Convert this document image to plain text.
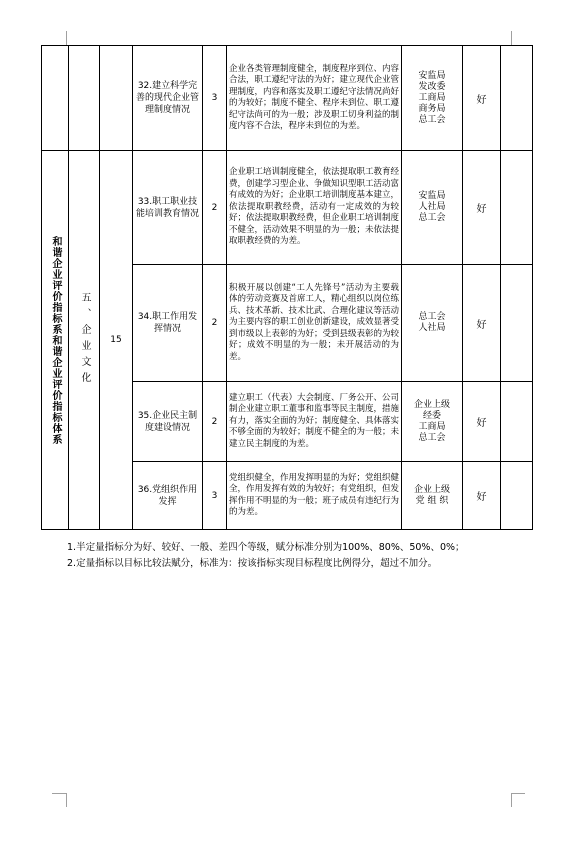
			32.建立科学完善的现代企业管理制度情况	3	企业各类管理制度健全，制度程序到位、内容合法，职工遵纪守法的为好；建立现代企业管理制度，内容和落实及职工遵纪守法情况尚好的为较好；制度不健全、程序未到位、职工遵纪守法尚可的为一般；涉及职工切身利益的制度内容不合法，程序未到位的为差。	安监局
发改委
工商局
商务局
总工会	好	
和谐企业评价指标系和谐企业评价指标体系	五、企业文化	15	33.职工职业技能培训教育情况	2	企业职工培训制度健全，依法提取职工教育经费，创建学习型企业、争做知识型职工活动富有成效的为好；企业职工培训制度基本建立，依法提取职教经费，活动有一定成效的为较好；依法提取职教经费，但企业职工培训制度不健全，活动效果不明显的为一般；未依法提取职教经费的为差。	安监局
人社局
总工会	好	
			34.职工作用发挥情况	2	积极开展以创建“工人先锋号”活动为主要载体的劳动竞赛及首席工人，精心组织以岗位练兵、技术革新、技术比武、合理化建议等活动为主要内容的职工创业创新建设，成效显著受到市级以上表彰的为好；受到县级表彰的为较好；成效不明显的为一般；未开展活动的为差。	总工会
人社局	好	
			35.企业民主制度建设情况	2	建立职工（代表）大会制度、厂务公开、公司制企业建立职工董事和监事等民主制度，措施有力，落实全面的为好；制度健全、具体落实不够全面的为较好；制度不健全的为一般；未建立民主制度的为差。	企业上级
经委
工商局
总工会	好	
			36.党组织作用发挥	3	党组织健全，作用发挥明显的为好；党组织健全，作用发挥有效的为较好；有党组织，但发挥作用不明显的为一般；班子成员有违纪行为的为差。	企业上级
党 组 织	好	
1.半定量指标分为好、较好、一般、差四个等级，赋分标准分别为100%、80%、50%、0%；
2.定量指标以目标比较法赋分，标准为：按该指标实现目标程度比例得分，超过不加分。
